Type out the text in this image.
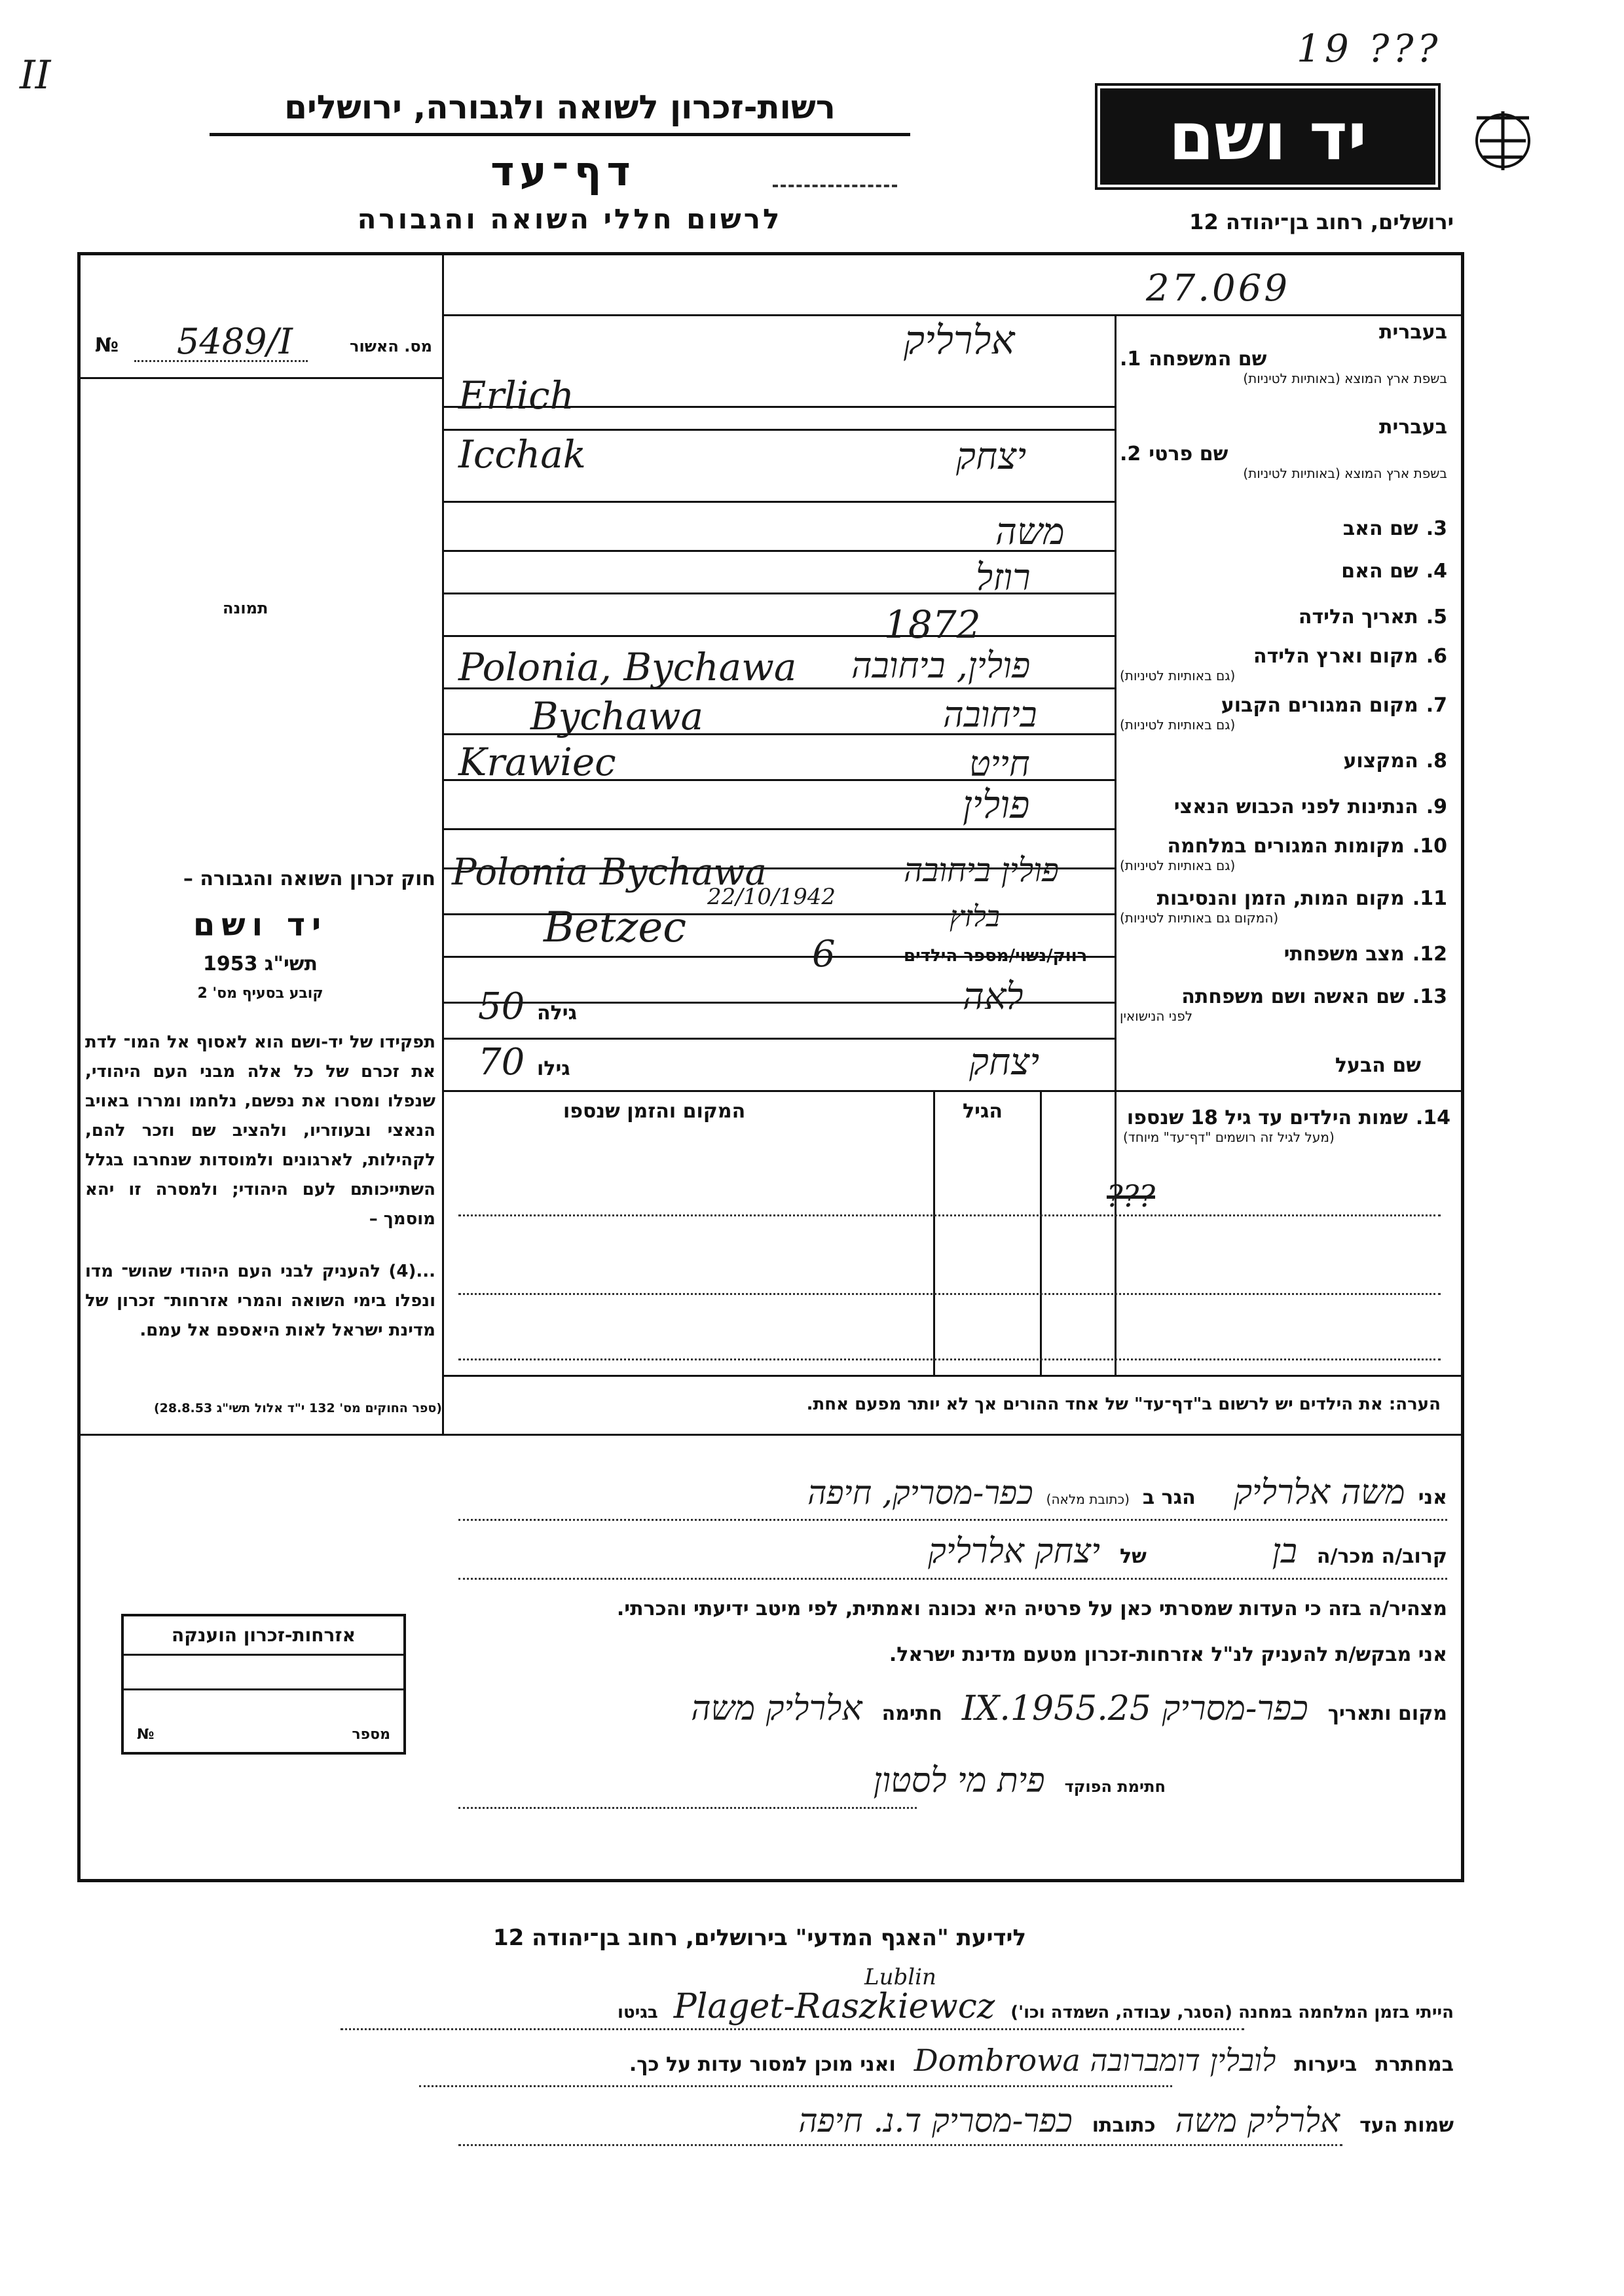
19 ???
II
רשות-זכרון לשואה ולגבורה, ירושלים	יד ושם
דף־עד
לרשום חללי השואה והגבורה	ירושלים, רחוב בן־יהודה 12
27.069
№ 5489/I	מס. האשור
תמונה
חוק זכרון השואה והגבורה –
יד ושם
תשי"ג 1953
קובע בסעיף מס' 2
תפקידו של יד-ושם הוא לאסוף אל המו־ לדת את זכרם של כל אלה מבני העם היהודי, שנפלו ומסרו את נפשם, נלחמו ומררו באויב הנאצי ובעוזריו, ולהציב שם וזכר להם, לקהילות, לארגונים ולמוסדות שנחרבו בגלל השתייכותם לעם היהודי; ולמסרה זו יהא מוסמך –
...(4) להעניק לבני העם היהודי שהוש־ מדו ונפלו בימי השואה והמרי אזרחות־ זכרון של מדינת ישראל לאות היאספם אל עמם.
(ספר החוקים מס' 132 י"ד אלול תשי"ג 28.8.53)
בעברית
שם המשפחה
1.
בשפת ארץ המוצא (באותיות לטיניות)
אלרליק
Erlich
בעברית
שם פרטי
2.
בשפת ארץ המוצא (באותיות לטיניות)
יצחק
Icchak
3.
שם האב
משה
4.
שם האם
רוזל
5.
תאריך הלידה
1872
6.
מקום וארץ הלידה
(גם באותיות לטיניות)
פולין, ביחובה
Polonia, Bychawa
7.
מקום המגורים הקבוע
(גם באותיות לטיניות)
ביחובה
Bychawa
8.
המקצוע
חייט
Krawiec
9.
הנתינות לפני הכבוש הנאצי
פולין
10.
מקומות המגורים במלחמה
(גם באותיות לטיניות)
פולין ביחובה
Polonia Bychawa
11.
מקום המות, הזמן והנסיבות
(המקום גם באותיות לטיניות)
בלזץ
Betzec
22/10/1942
12.
מצב משפחתי
רווק/נשוי/מספר הילדים
6
13.
שם האשה ושם משפחתה
לפני הנישואין
לאה
גילה
50
שם הבעל
יצחק
גילו
70
14.
שמות הילדים עד גיל 18 שנספו
(מעל לגיל זה רושמים "דף־עד" מיוחד)
הגיל
המקום והזמן שנספו
???
הערה: את הילדים יש לרשום ב"דף־עד" של אחד ההורים אך לא יותר מפעם אחת.
אני
משה אלרליק
הגר ב
(כתובת מלאה)
כפר-מסריק, חיפה
קרוב/ה מכר/ה
בן
של
יצחק אלרליק
מצהיר/ה בזה כי העדות שמסרתי כאן על פרטיה היא נכונה ואמתית, לפי מיטב ידיעתי והכרתי.
אני מבקש/ת להעניק לנ"ל אזרחות-זכרון מטעם מדינת ישראל.
מקום ותאריך
כפר-מסריק 25.IX.1955
חתימה
אלרליק משה
חתימת הפוקד
פית מי לסטון
אזרחות-זכרון הוענקה
מספר
№
לידיעת "האגף המדעי" בירושלים, רחוב בן־יהודה 12
Lublin
הייתי בזמן המלחמה במחנה (הסגר, עבודה, השמדה וכו')
Plaget-Raszkiewcz
בגיטו
במחתרת
ביערות
לובלין דומברובה Dombrowa
ואני מוכן למסור עדות על כך.
שמות העד
אלרליק משה
כתובתו
כפר-מסריק ד.נ. חיפה
